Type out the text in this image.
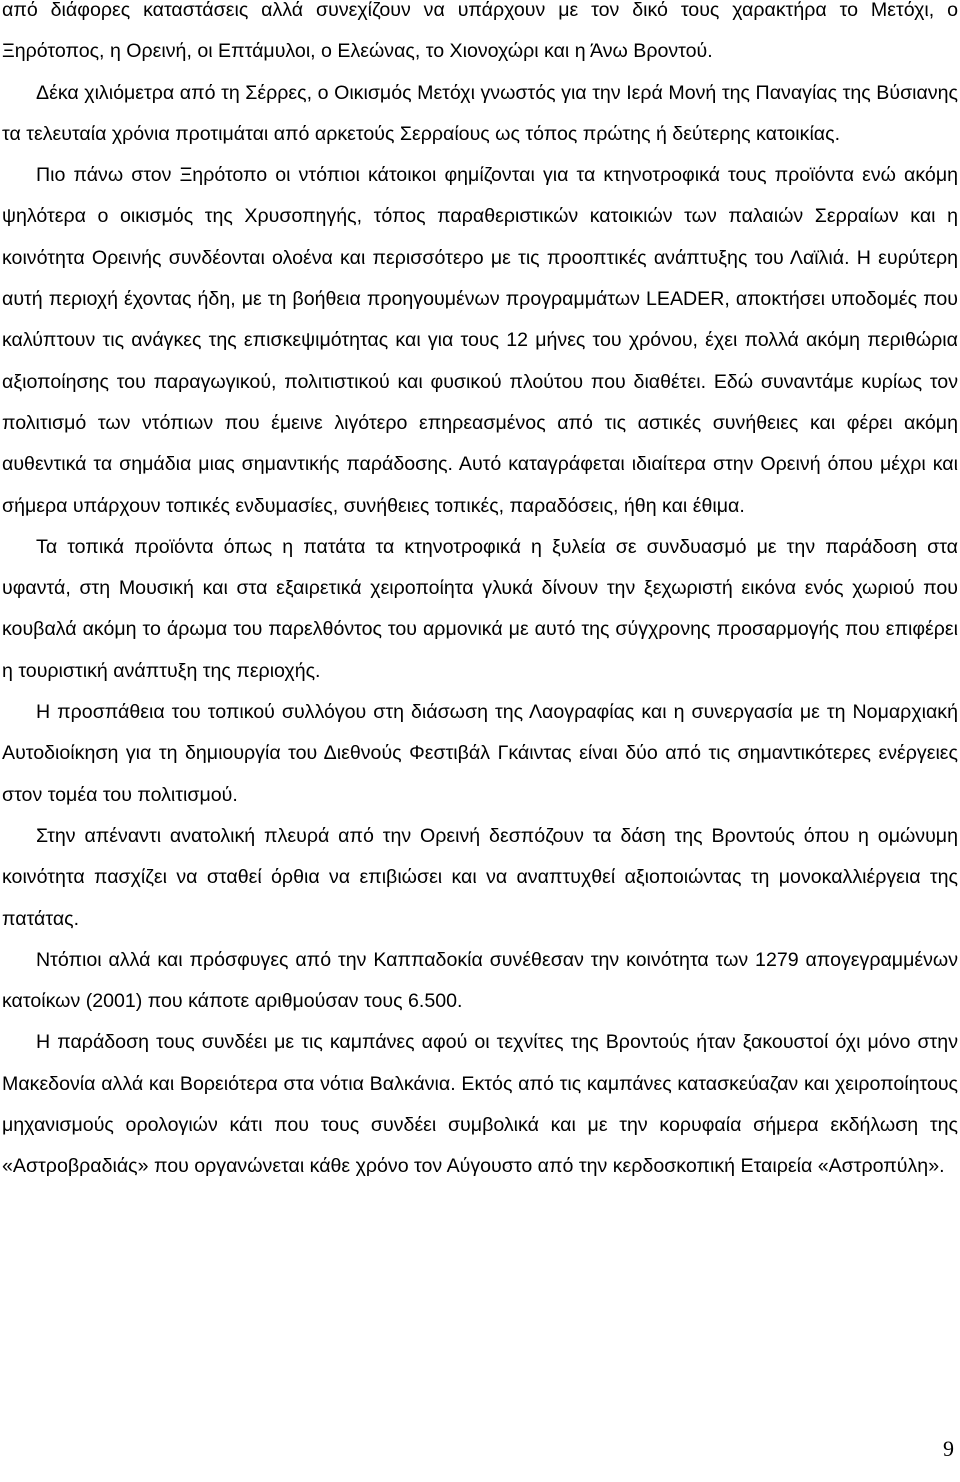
από διάφορες καταστάσεις αλλά συνεχίζουν να υπάρχουν με τον δικό τους χαρακτήρα το Μετόχι, ο Ξηρότοπος, η Ορεινή, οι Επτάμυλοι, ο Ελεώνας, το Χιονοχώρι και η Άνω Βροντού.

Δέκα χιλιόμετρα από τη Σέρρες, ο Οικισμός Μετόχι γνωστός για την Ιερά Μονή της Παναγίας της Βύσιανης τα τελευταία χρόνια προτιμάται από αρκετούς Σερραίους ως τόπος πρώτης ή δεύτερης κατοικίας.

Πιο πάνω στον Ξηρότοπο οι ντόπιοι κάτοικοι φημίζονται για τα κτηνοτροφικά τους προϊόντα ενώ ακόμη ψηλότερα ο οικισμός της Χρυσοπηγής, τόπος παραθεριστικών κατοικιών των παλαιών Σερραίων και η κοινότητα Ορεινής συνδέονται ολοένα και περισσότερο με τις προοπτικές ανάπτυξης του Λαϊλιά. Η ευρύτερη αυτή περιοχή έχοντας ήδη, με τη βοήθεια προηγουμένων προγραμμάτων LEADER, αποκτήσει υποδομές που καλύπτουν τις ανάγκες της επισκεψιμότητας και για τους 12 μήνες του χρόνου, έχει πολλά ακόμη περιθώρια αξιοποίησης του παραγωγικού, πολιτιστικού και φυσικού πλούτου που διαθέτει. Εδώ συναντάμε κυρίως τον πολιτισμό των ντόπιων που έμεινε λιγότερο επηρεασμένος από τις αστικές συνήθειες και φέρει ακόμη αυθεντικά τα σημάδια μιας σημαντικής παράδοσης. Αυτό καταγράφεται ιδιαίτερα στην Ορεινή όπου μέχρι και σήμερα υπάρχουν τοπικές ενδυμασίες, συνήθειες τοπικές, παραδόσεις, ήθη και έθιμα.

Τα τοπικά προϊόντα όπως η πατάτα τα κτηνοτροφικά η ξυλεία σε συνδυασμό με την παράδοση στα υφαντά, στη Μουσική και στα εξαιρετικά χειροποίητα γλυκά δίνουν την ξεχωριστή εικόνα ενός χωριού που κουβαλά ακόμη το άρωμα του παρελθόντος του αρμονικά με αυτό της σύγχρονης προσαρμογής που επιφέρει η τουριστική ανάπτυξη της περιοχής.

Η προσπάθεια του τοπικού συλλόγου στη διάσωση της Λαογραφίας και η συνεργασία με τη Νομαρχιακή Αυτοδιοίκηση για τη δημιουργία του Διεθνούς Φεστιβάλ Γκάιντας είναι δύο από τις σημαντικότερες ενέργειες στον τομέα του πολιτισμού.

Στην απέναντι ανατολική πλευρά από την Ορεινή δεσπόζουν τα δάση της Βροντούς όπου η ομώνυμη κοινότητα πασχίζει να σταθεί όρθια να επιβιώσει και να αναπτυχθεί αξιοποιώντας τη μονοκαλλιέργεια της πατάτας.

Ντόπιοι αλλά και πρόσφυγες από την Καππαδοκία συνέθεσαν την κοινότητα των 1279 απογεγραμμένων κατοίκων (2001) που κάποτε αριθμούσαν τους 6.500.

Η παράδοση τους συνδέει με τις καμπάνες αφού οι τεχνίτες της Βροντούς ήταν ξακουστοί όχι μόνο στην Μακεδονία αλλά και Βορειότερα στα νότια Βαλκάνια. Εκτός από τις καμπάνες κατασκεύαζαν και χειροποίητους μηχανισμούς ορολογιών κάτι που τους συνδέει συμβολικά και με την κορυφαία σήμερα εκδήλωση της «Αστροβραδιάς» που οργανώνεται κάθε χρόνο τον Αύγουστο από την κερδοσκοπική Εταιρεία «Αστροπύλη».

9
